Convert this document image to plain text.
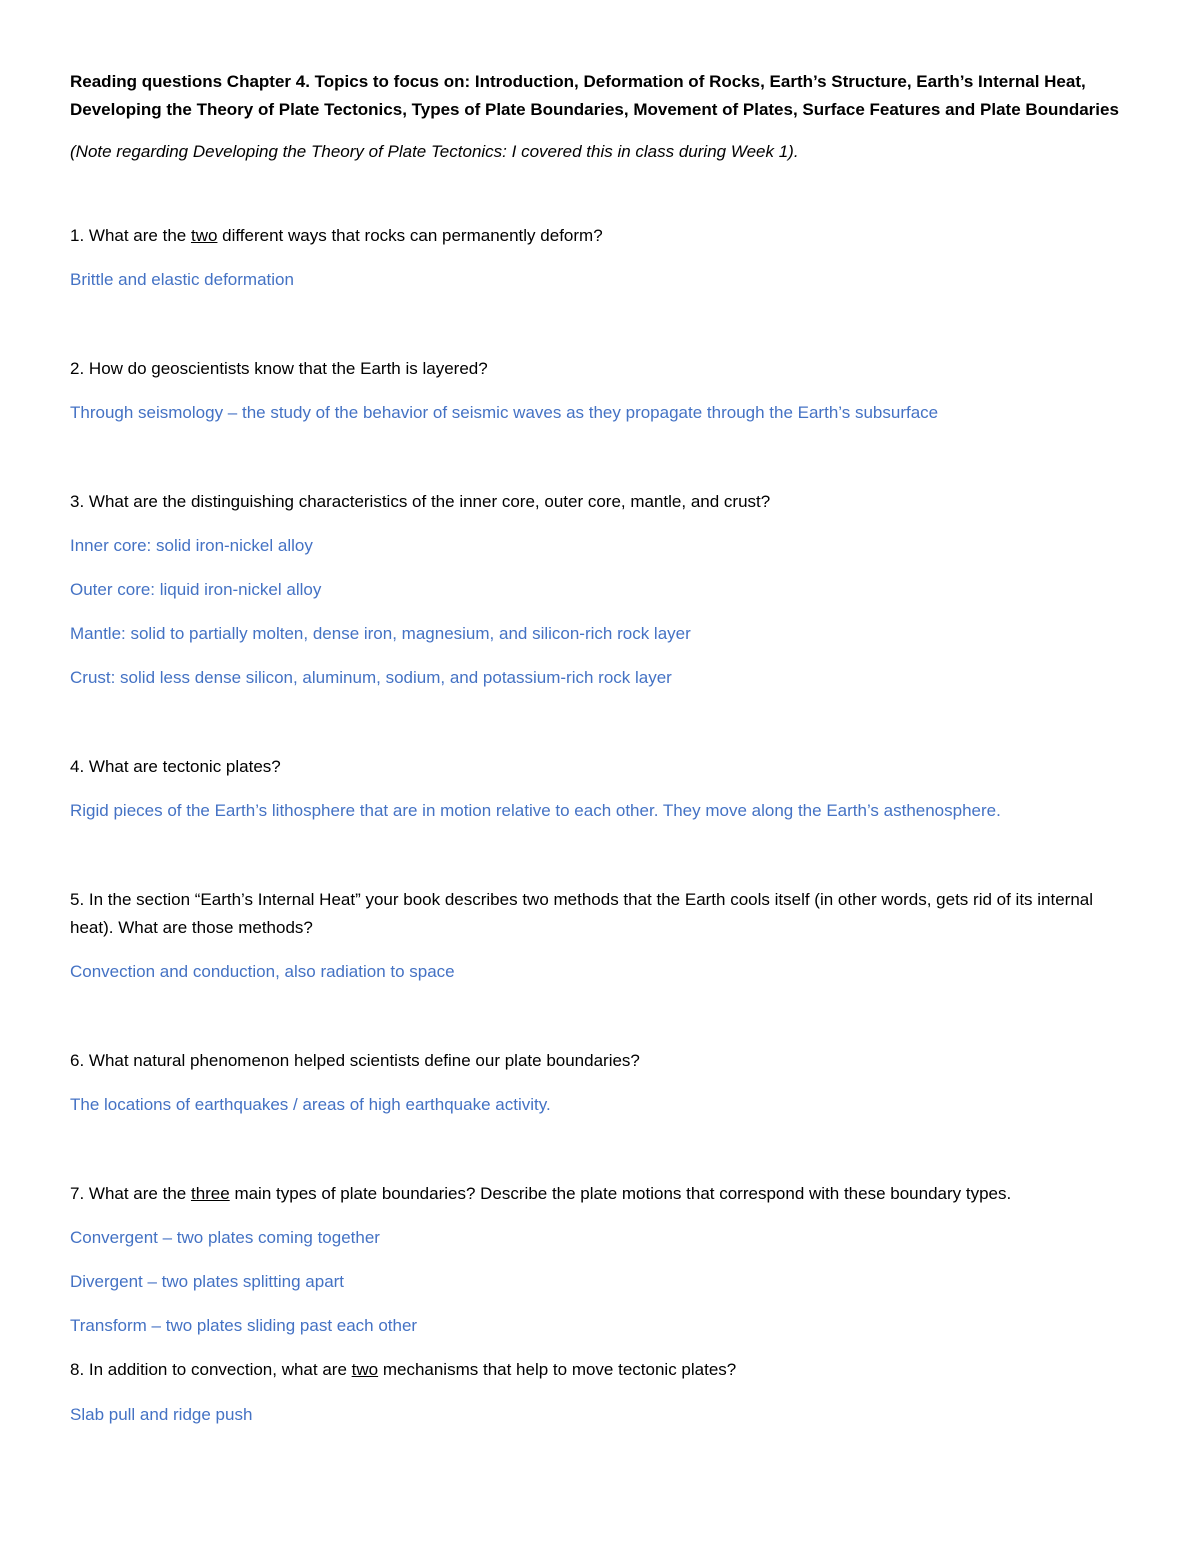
Reading questions Chapter 4. Topics to focus on: Introduction, Deformation of Rocks, Earth’s Structure, Earth’s Internal Heat, Developing the Theory of Plate Tectonics, Types of Plate Boundaries, Movement of Plates, Surface Features and Plate Boundaries

(Note regarding Developing the Theory of Plate Tectonics: I covered this in class during Week 1).

1. What are the two different ways that rocks can permanently deform?

Brittle and elastic deformation

2. How do geoscientists know that the Earth is layered?

Through seismology – the study of the behavior of seismic waves as they propagate through the Earth’s subsurface

3. What are the distinguishing characteristics of the inner core, outer core, mantle, and crust?

Inner core: solid iron-nickel alloy

Outer core: liquid iron-nickel alloy

Mantle: solid to partially molten, dense iron, magnesium, and silicon-rich rock layer

Crust: solid less dense silicon, aluminum, sodium, and potassium-rich rock layer

4. What are tectonic plates?

Rigid pieces of the Earth’s lithosphere that are in motion relative to each other. They move along the Earth’s asthenosphere.

5. In the section “Earth’s Internal Heat” your book describes two methods that the Earth cools itself (in other words, gets rid of its internal heat). What are those methods?

Convection and conduction, also radiation to space

6. What natural phenomenon helped scientists define our plate boundaries?

The locations of earthquakes / areas of high earthquake activity.

7. What are the three main types of plate boundaries? Describe the plate motions that correspond with these boundary types.

Convergent – two plates coming together

Divergent – two plates splitting apart

Transform – two plates sliding past each other

8. In addition to convection, what are two mechanisms that help to move tectonic plates?

Slab pull and ridge push
